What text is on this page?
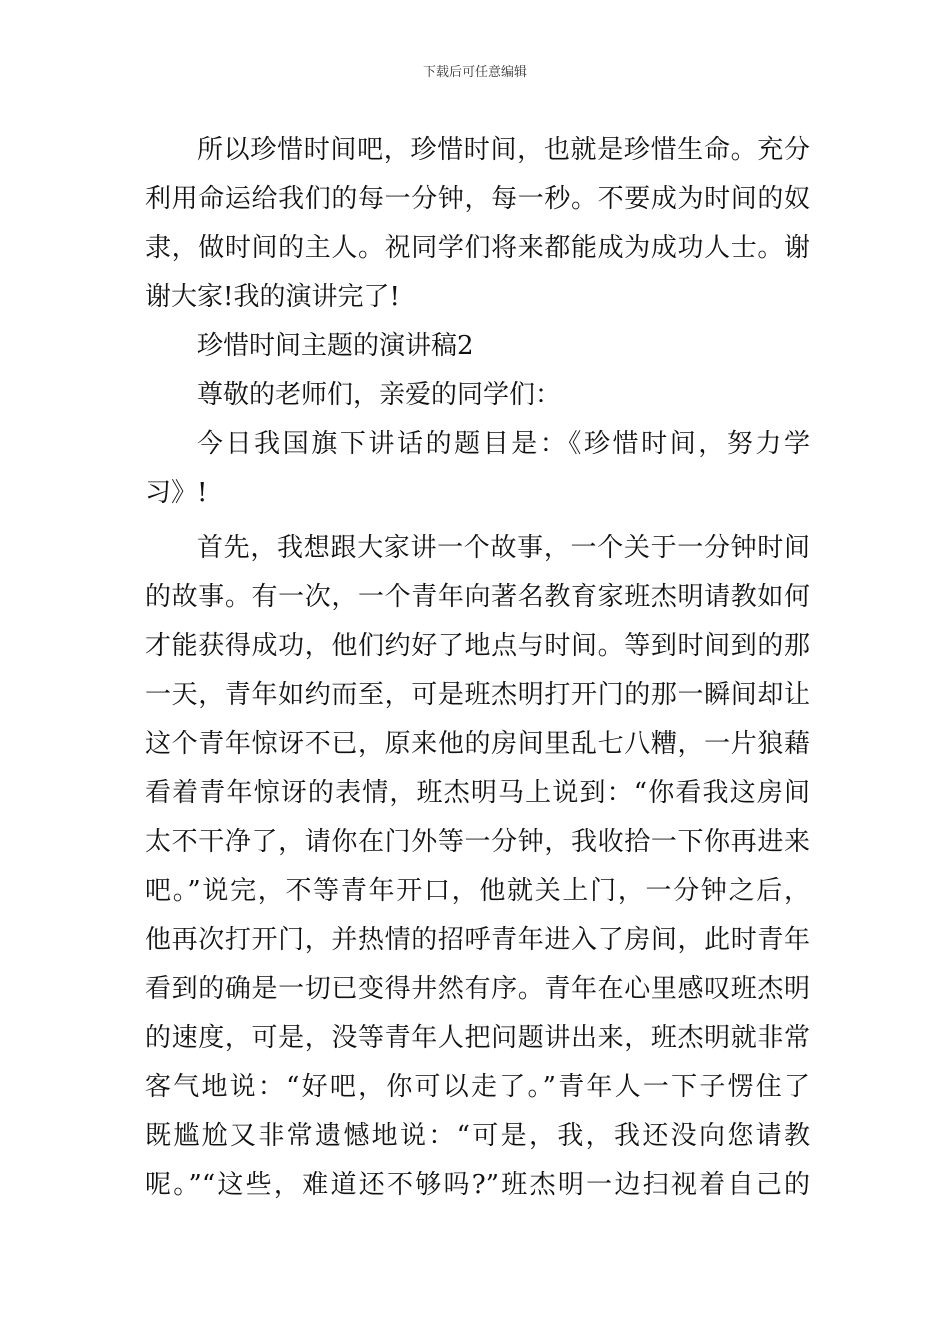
下载后可任意编辑
所以珍惜时间吧，珍惜时间，也就是珍惜生命。充分
利用命运给我们的每一分钟，每一秒。不要成为时间的奴
隶，做时间的主人。祝同学们将来都能成为成功人士。谢
谢大家!我的演讲完了!
珍惜时间主题的演讲稿2
尊敬的老师们，亲爱的同学们：
今日我国旗下讲话的题目是：《珍惜时间，努力学
习》!
首先，我想跟大家讲一个故事，一个关于一分钟时间
的故事。有一次，一个青年向著名教育家班杰明请教如何
才能获得成功，他们约好了地点与时间。等到时间到的那
一天，青年如约而至，可是班杰明打开门的那一瞬间却让
这个青年惊讶不已，原来他的房间里乱七八糟，一片狼藉
看着青年惊讶的表情，班杰明马上说到：“你看我这房间
太不干净了，请你在门外等一分钟，我收拾一下你再进来
吧。”说完，不等青年开口，他就关上门，一分钟之后，
他再次打开门，并热情的招呼青年进入了房间，此时青年
看到的确是一切已变得井然有序。青年在心里感叹班杰明
的速度，可是，没等青年人把问题讲出来，班杰明就非常
客气地说：“好吧，你可以走了。”青年人一下子愣住了
既尴尬又非常遗憾地说：“可是，我，我还没向您请教
呢。”“这些，难道还不够吗?”班杰明一边扫视着自己的
